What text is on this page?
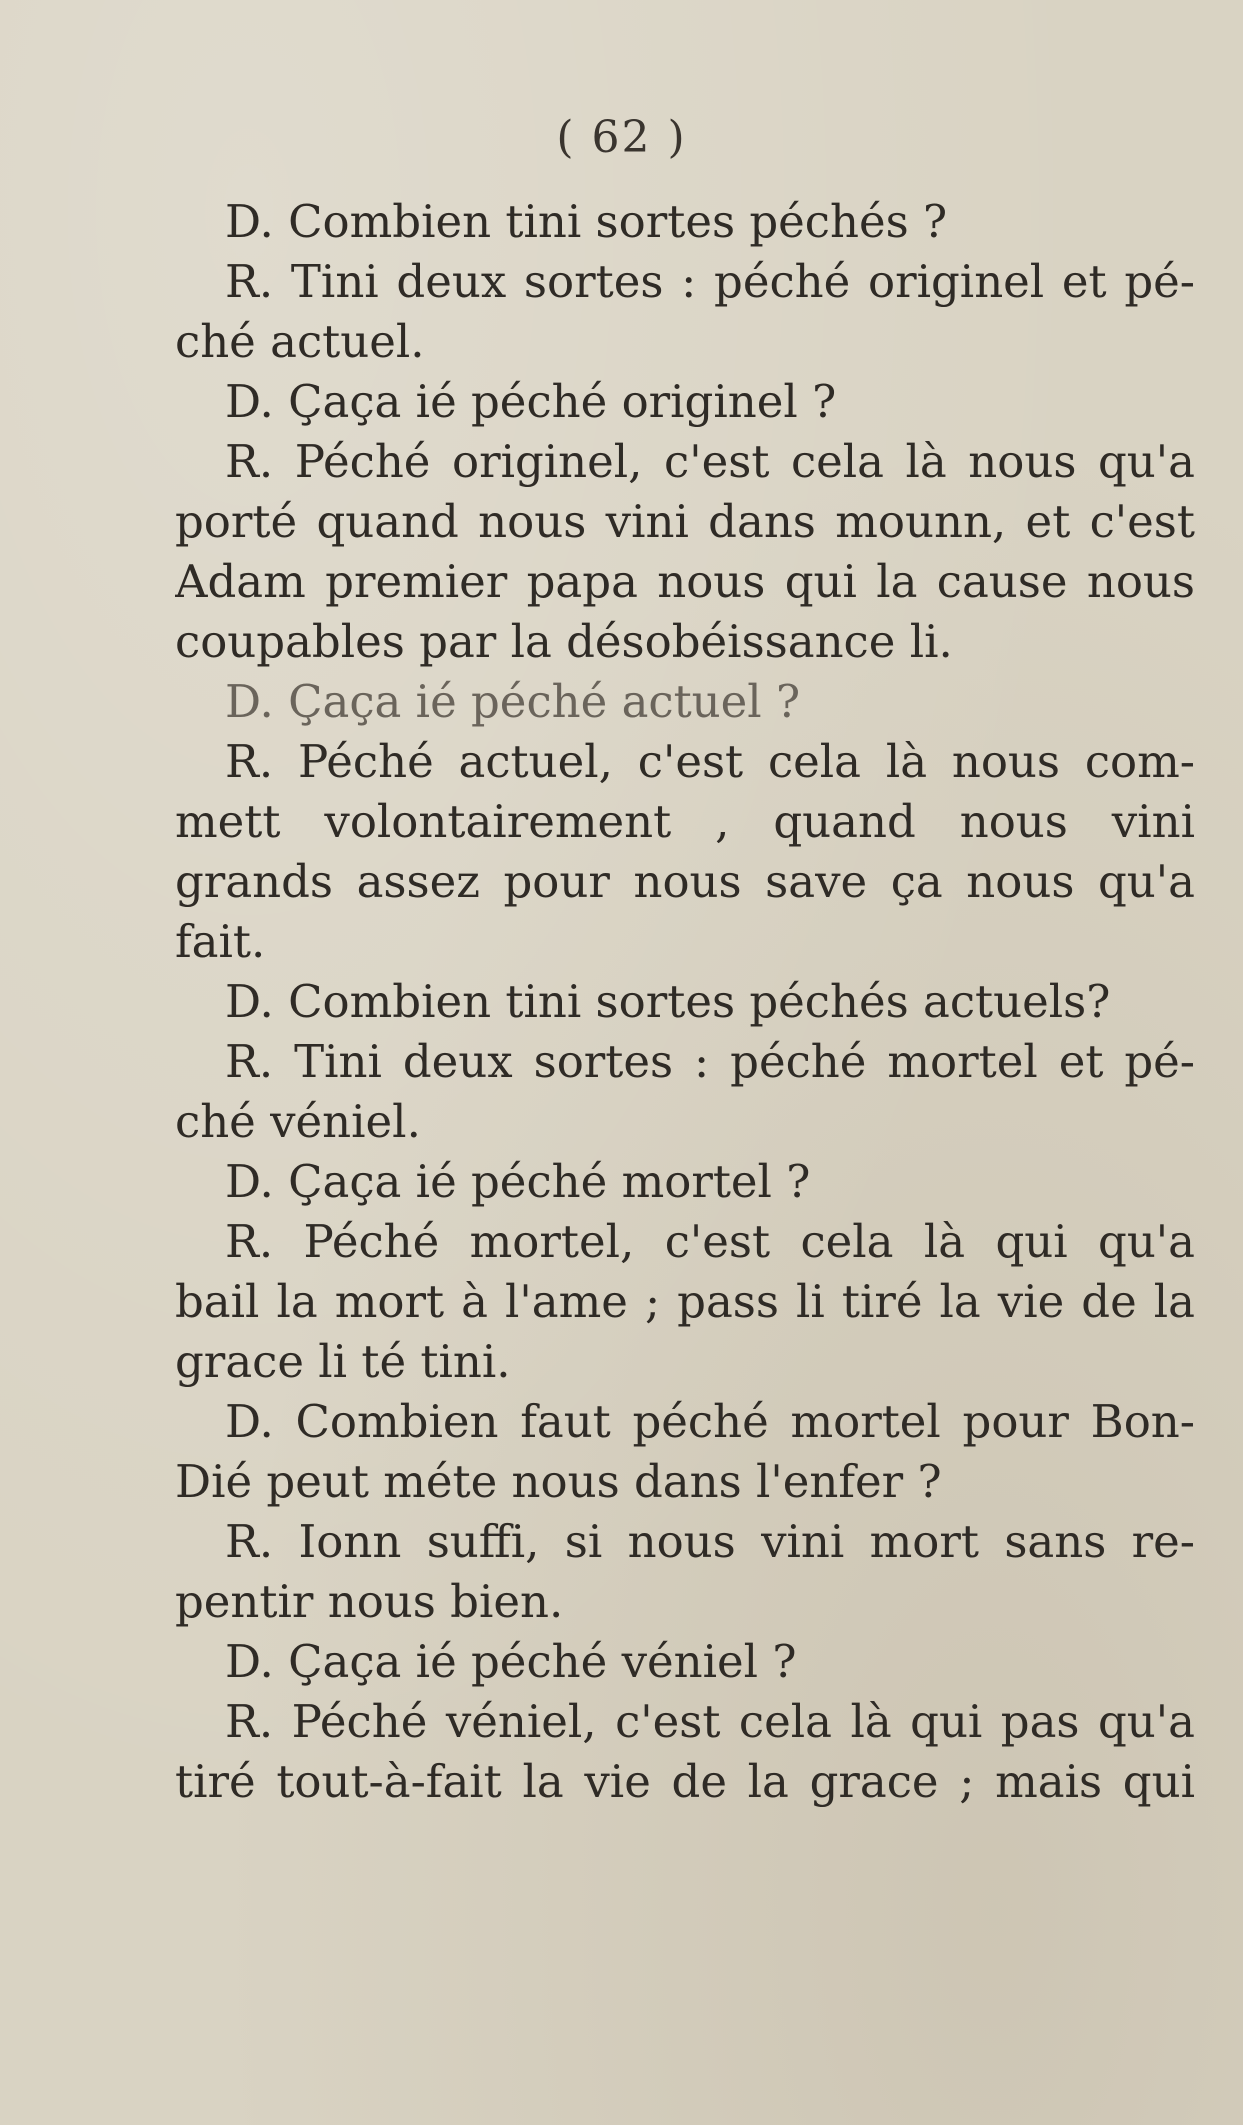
( 62 )
D. Combien tini sortes péchés ?
R. Tini deux sortes : péché originel et pé-
ché actuel.
D. Çaça ié péché originel ?
R. Péché originel, c'est cela là nous qu'a
porté quand nous vini dans mounn, et c'est
Adam premier papa nous qui la cause nous
coupables par la désobéissance li.
D. Çaça ié péché actuel ?
R. Péché actuel, c'est cela là nous com-
mett volontairement , quand nous vini
grands assez pour nous save ça nous qu'a
fait.
D. Combien tini sortes péchés actuels?
R. Tini deux sortes : péché mortel et pé-
ché véniel.
D. Çaça ié péché mortel ?
R. Péché mortel, c'est cela là qui qu'a
bail la mort à l'ame ; pass li tiré la vie de la
grace li té tini.
D. Combien faut péché mortel pour Bon-
Dié peut méte nous dans l'enfer ?
R. Ionn suffi, si nous vini mort sans re-
pentir nous bien.
D. Çaça ié péché véniel ?
R. Péché véniel, c'est cela là qui pas qu'a
tiré tout-à-fait la vie de la grace ; mais qui
